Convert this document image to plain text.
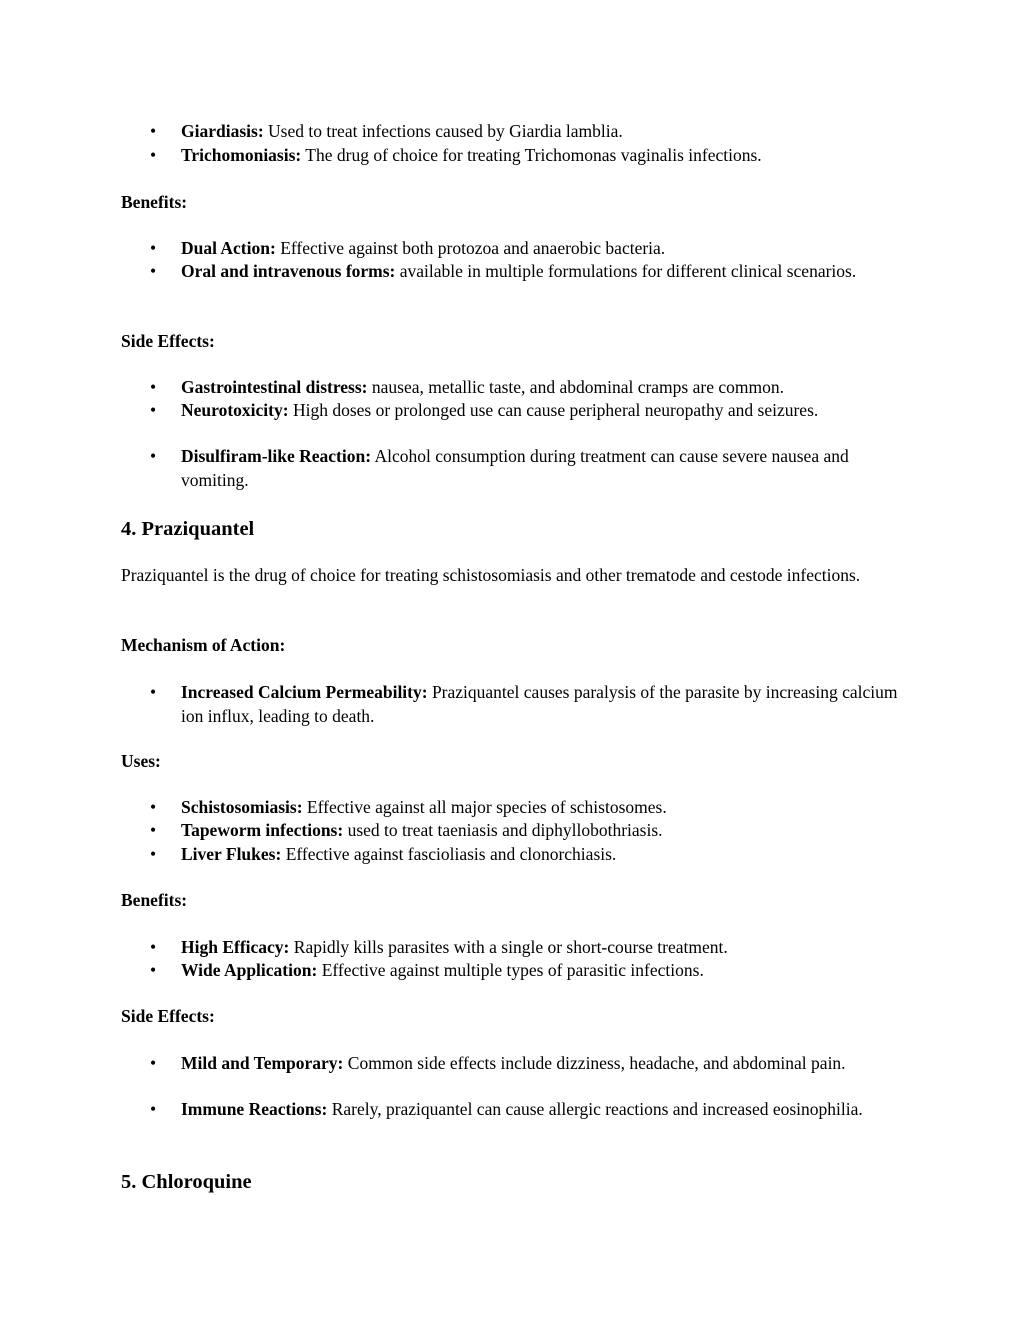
•	Giardiasis: Used to treat infections caused by Giardia lamblia.
•	Trichomoniasis: The drug of choice for treating Trichomonas vaginalis infections.
Benefits:
•	Dual Action: Effective against both protozoa and anaerobic bacteria.
•	Oral and intravenous forms: available in multiple formulations for different clinical scenarios.
Side Effects:
•	Gastrointestinal distress: nausea, metallic taste, and abdominal cramps are common.
•	Neurotoxicity: High doses or prolonged use can cause peripheral neuropathy and seizures.
•	Disulfiram-like Reaction: Alcohol consumption during treatment can cause severe nausea and vomiting.
4. Praziquantel
Praziquantel is the drug of choice for treating schistosomiasis and other trematode and cestode infections.
Mechanism of Action:
•	Increased Calcium Permeability: Praziquantel causes paralysis of the parasite by increasing calcium ion influx, leading to death.
Uses:
•	Schistosomiasis: Effective against all major species of schistosomes.
•	Tapeworm infections: used to treat taeniasis and diphyllobothriasis.
•	Liver Flukes: Effective against fascioliasis and clonorchiasis.
Benefits:
•	High Efficacy: Rapidly kills parasites with a single or short-course treatment.
•	Wide Application: Effective against multiple types of parasitic infections.
Side Effects:
•	Mild and Temporary: Common side effects include dizziness, headache, and abdominal pain.
•	Immune Reactions: Rarely, praziquantel can cause allergic reactions and increased eosinophilia.
5. Chloroquine
